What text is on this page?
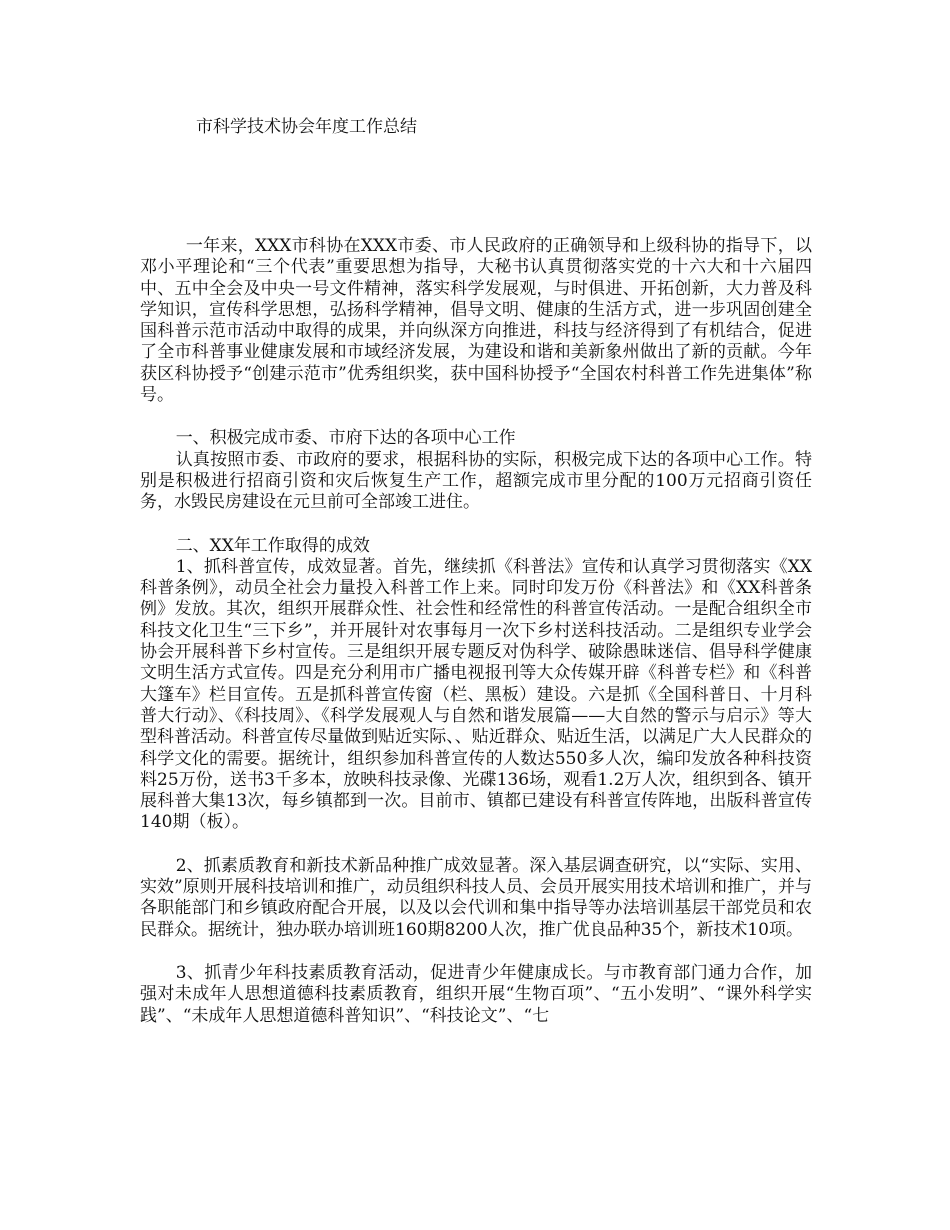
市科学技术协会年度工作总结

一年来，XXX市科协在XXX市委、市人民政府的正确领导和上级科协的指导下，以邓小平理论和“三个代表”重要思想为指导，大秘书认真贯彻落实党的十六大和十六届四中、五中全会及中央一号文件精神，落实科学发展观，与时俱进、开拓创新，大力普及科学知识，宣传科学思想，弘扬科学精神，倡导文明、健康的生活方式，进一步巩固创建全国科普示范市活动中取得的成果，并向纵深方向推进，科技与经济得到了有机结合，促进了全市科普事业健康发展和市域经济发展，为建设和谐和美新象州做出了新的贡献。今年获区科协授予“创建示范市”优秀组织奖，获中国科协授予“全国农村科普工作先进集体”称号。

一、积极完成市委、市府下达的各项中心工作

认真按照市委、市政府的要求，根据科协的实际，积极完成下达的各项中心工作。特别是积极进行招商引资和灾后恢复生产工作，超额完成市里分配的100万元招商引资任务，水毁民房建设在元旦前可全部竣工进住。

二、XX年工作取得的成效

1、抓科普宣传，成效显著。首先，继续抓《科普法》宣传和认真学习贯彻落实《XX科普条例》，动员全社会力量投入科普工作上来。同时印发万份《科普法》和《XX科普条例》发放。其次，组织开展群众性、社会性和经常性的科普宣传活动。一是配合组织全市科技文化卫生“三下乡”，并开展针对农事每月一次下乡村送科技活动。二是组织专业学会协会开展科普下乡村宣传。三是组织开展专题反对伪科学、破除愚昧迷信、倡导科学健康文明生活方式宣传。四是充分利用市广播电视报刊等大众传媒开辟《科普专栏》和《科普大篷车》栏目宣传。五是抓科普宣传窗（栏、黑板）建设。六是抓《全国科普日、十月科普大行动》、《科技周》、《科学发展观人与自然和谐发展篇——大自然的警示与启示》等大型科普活动。科普宣传尽量做到贴近实际、、贴近群众、贴近生活，以满足广大人民群众的科学文化的需要。据统计，组织参加科普宣传的人数达550多人次，编印发放各种科技资料25万份，送书3千多本，放映科技录像、光碟136场，观看1.2万人次，组织到各、镇开展科普大集13次，每乡镇都到一次。目前市、镇都已建设有科普宣传阵地，出版科普宣传140期（板）。

2、抓素质教育和新技术新品种推广成效显著。深入基层调查研究，以“实际、实用、实效”原则开展科技培训和推广，动员组织科技人员、会员开展实用技术培训和推广，并与各职能部门和乡镇政府配合开展，以及以会代训和集中指导等办法培训基层干部党员和农民群众。据统计，独办联办培训班160期8200人次，推广优良品种35个，新技术10项。

3、抓青少年科技素质教育活动，促进青少年健康成长。与市教育部门通力合作，加强对未成年人思想道德科技素质教育，组织开展“生物百项”、“五小发明”、“课外科学实践”、“未成年人思想道德科普知识”、“科技论文”、“七
